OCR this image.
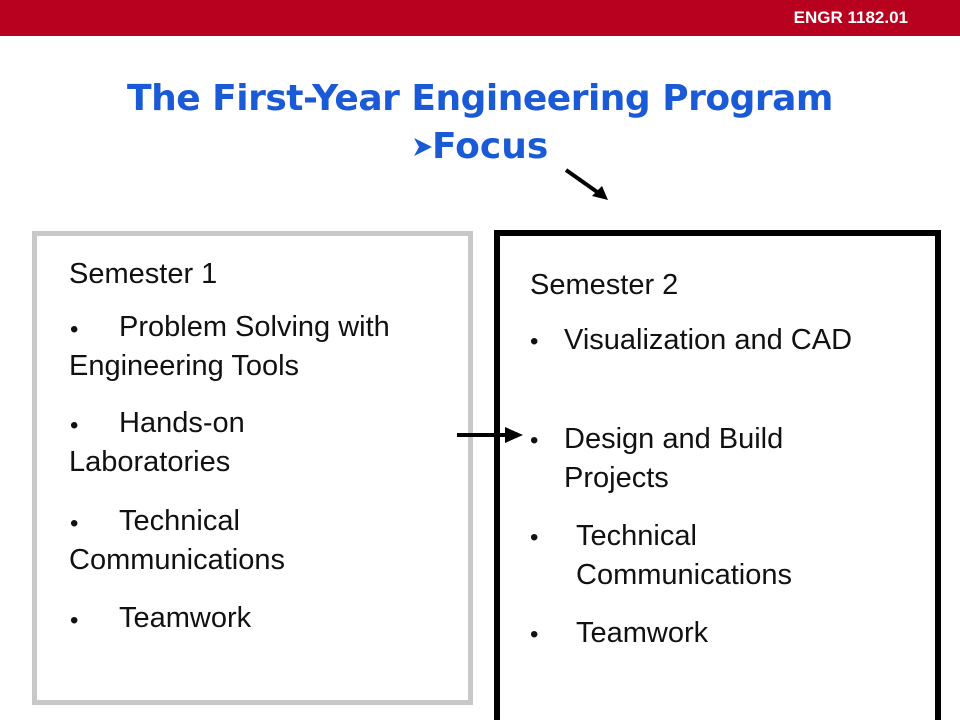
ENGR 1182.01
The First-Year Engineering Program
Focus
Semester 1
•	Problem Solving with Engineering Tools
•	Hands-on Laboratories
•	Technical Communications
•	Teamwork
Semester 2
• Visualization and CAD
• Design and Build Projects
• Technical Communications
• Teamwork
